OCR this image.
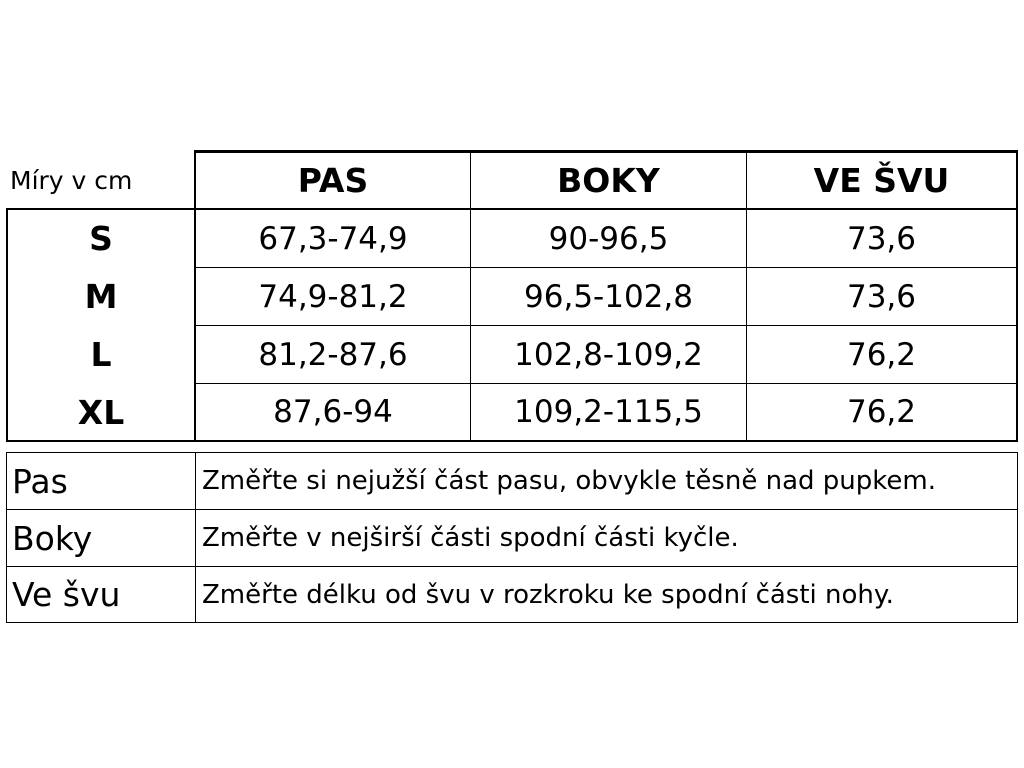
Míry v cm	PAS	BOKY	VE ŠVU
S	67,3-74,9	90-96,5	73,6
M	74,9-81,2	96,5-102,8	73,6
L	81,2-87,6	102,8-109,2	76,2
XL	87,6-94	109,2-115,5	76,2
Pas	Změřte si nejužší část pasu, obvykle těsně nad pupkem.
Boky	Změřte v nejširší části spodní části kyčle.
Ve švu	Změřte délku od švu v rozkroku ke spodní části nohy.
